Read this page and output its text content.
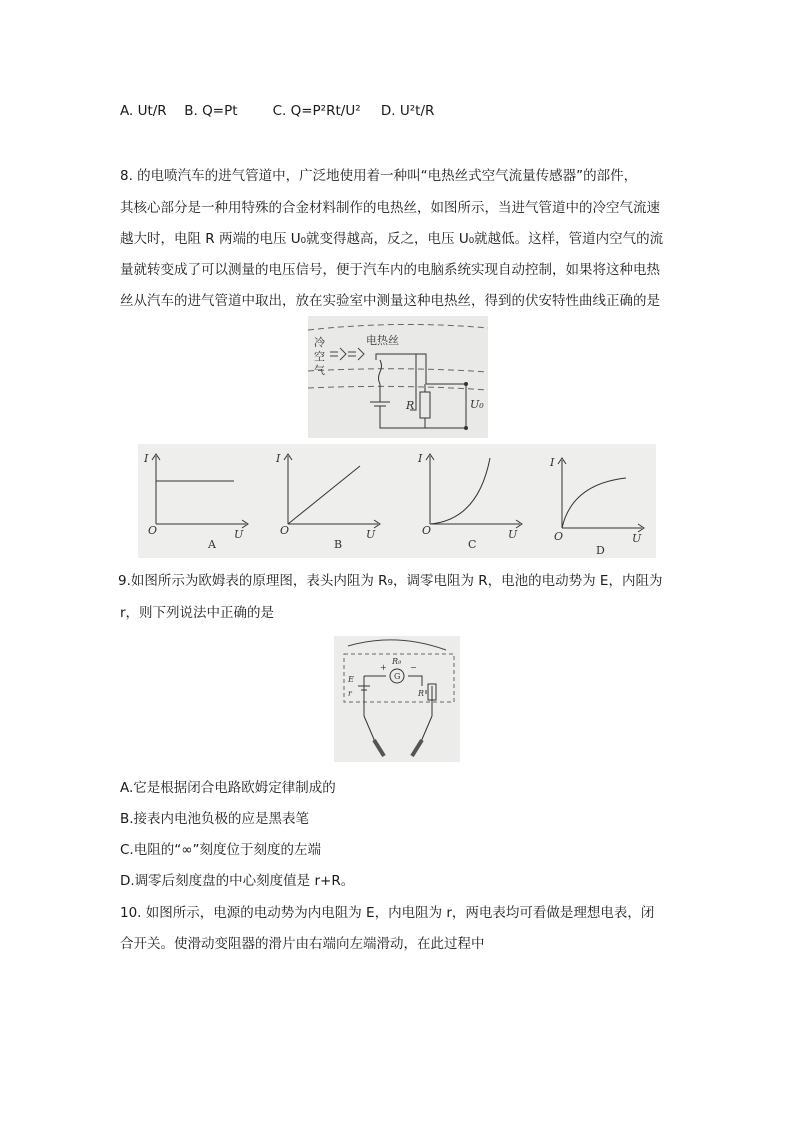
A. Ut/R B. Q=Pt	C. Q=P²Rt/U² D. U²t/R
8. 的电喷汽车的进气管道中，广泛地使用着一种叫“电热丝式空气流量传感器”的部件，
其核心部分是一种用特殊的合金材料制作的电热丝，如图所示，当进气管道中的冷空气流速
越大时，电阻 R 两端的电压 U₀就变得越高，反之，电压 U₀就越低。这样，管道内空气的流
量就转变成了可以测量的电压信号，便于汽车内的电脑系统实现自动控制，如果将这种电热
丝从汽车的进气管道中取出，放在实验室中测量这种电热丝，得到的伏安特性曲线正确的是
冷
空
气
电热丝
R	U₀
I
O	U
A
I
O	U
B
I
O	U
C
I
O	U
D
9.如图所示为欧姆表的原理图，表头内阻为 R₉，调零电阻为 R，电池的电动势为 E，内阻为
r，则下列说法中正确的是
G
+	−
R₉
E
r	R
A.它是根据闭合电路欧姆定律制成的
B.接表内电池负极的应是黑表笔
C.电阻的“∞”刻度位于刻度的左端
D.调零后刻度盘的中心刻度值是 r+R。
10. 如图所示，电源的电动势为内电阻为 E，内电阻为 r，两电表均可看做是理想电表，闭
合开关。使滑动变阻器的滑片由右端向左端滑动，在此过程中
